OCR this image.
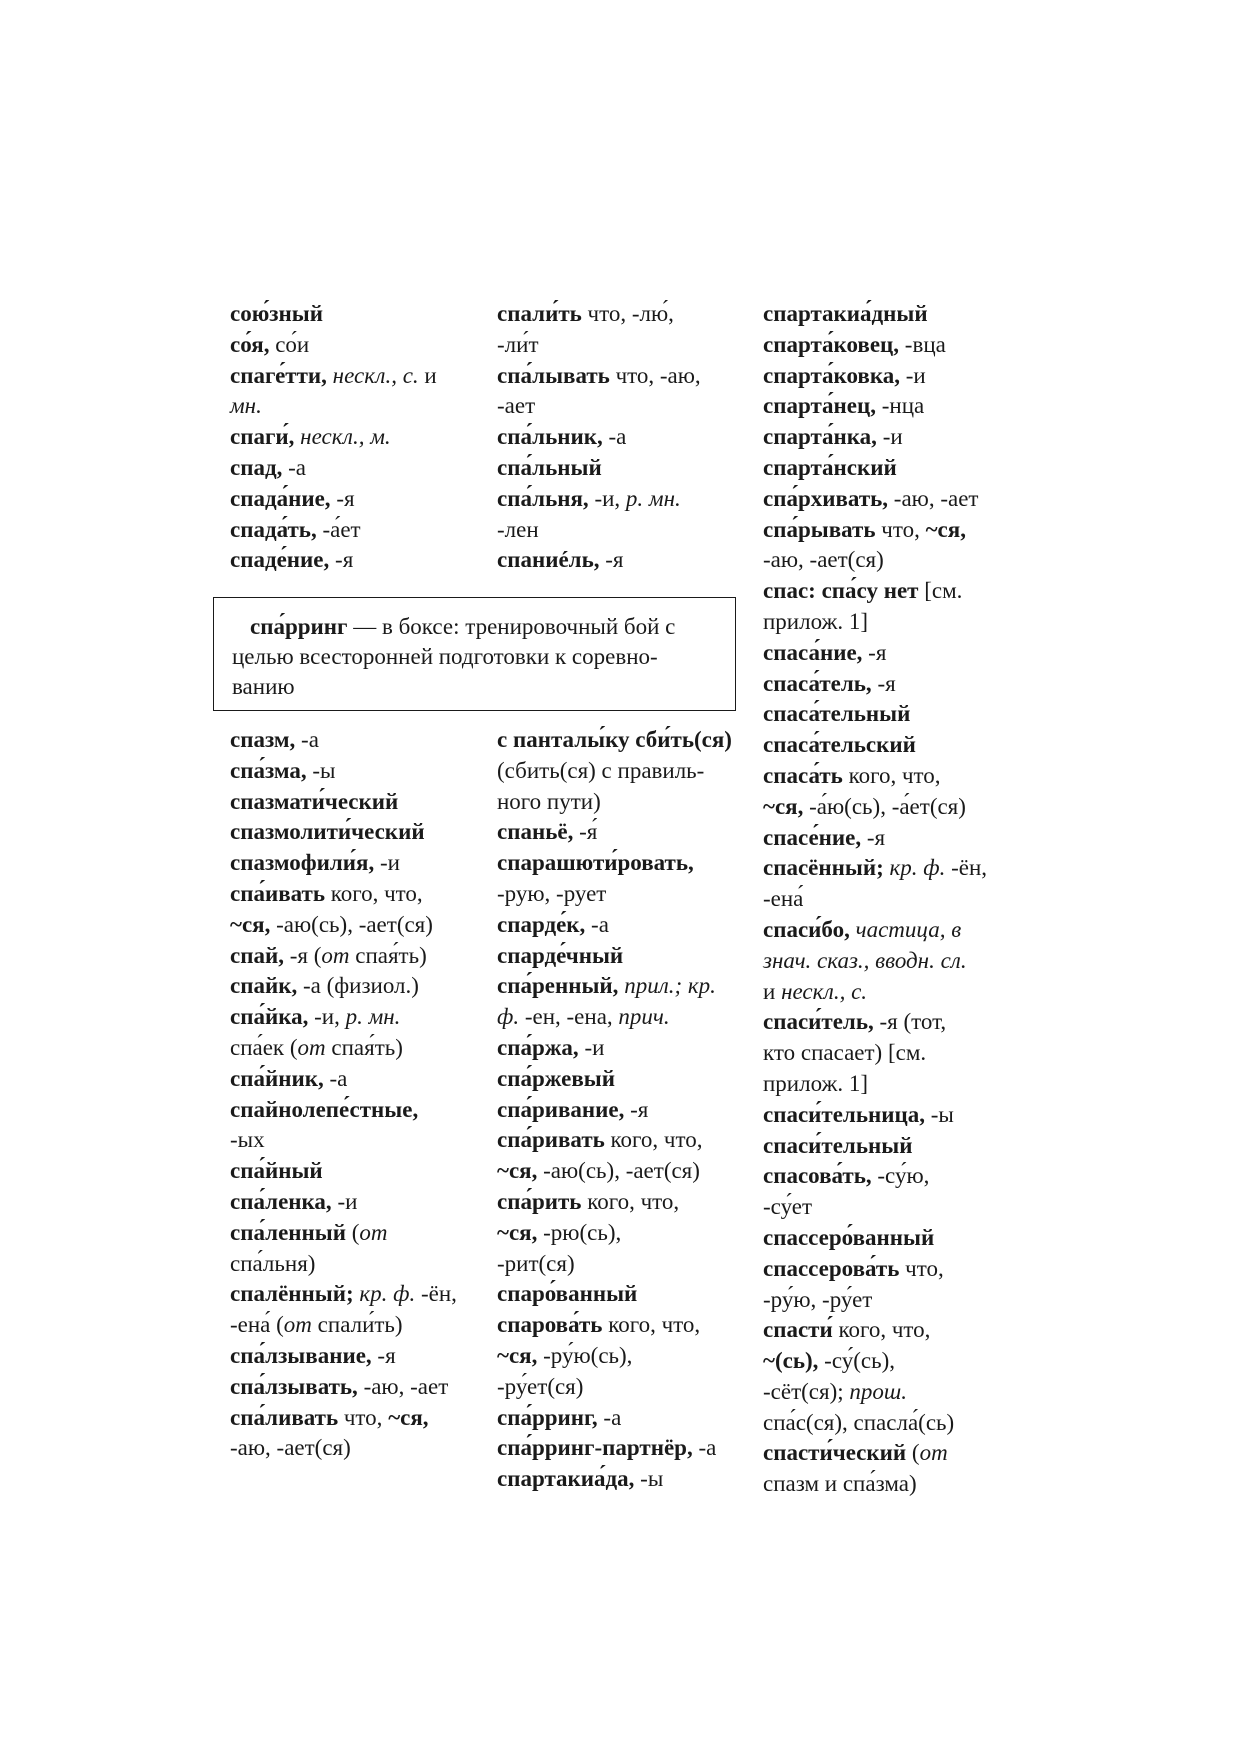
сою́зный
со́я, со́и
спаге́тти, нескл., с. и
мн.
спаги́, нескл., м.
спад, -а
спада́ние, -я
спада́ть, -а́ет
спаде́ние, -я
спали́ть что, -лю́,
-ли́т
спа́лывать что, -аю,
-ает
спа́льник, -а
спа́льный
спа́льня, -и, р. мн.
-лен
спаниéль, -я
спа́рринг — в боксе: тренировочный бой с
целью всесторонней подготовки к соревно-
ванию
спазм, -а
спа́зма, -ы
спазмати́ческий
спазмолити́ческий
спазмофили́я, -и
спа́ивать кого, что,
~ся, -аю(сь), -ает(ся)
спай, -я (от спая́ть)
спайк, -а (физиол.)
спа́йка, -и, р. мн.
спа́ек (от спая́ть)
спа́йник, -а
спайнолепе́стные,
-ых
спа́йный
спа́ленка, -и
спа́ленный (от
спа́льня)
спалённый; кр. ф. -ён,
-ена́ (от спали́ть)
спа́лзывание, -я
спа́лзывать, -аю, -ает
спа́ливать что, ~ся,
-аю, -ает(ся)
с панталы́ку сби́ть(ся)
(сбить(ся) с правиль-
ного пути)
спаньё, -я́
спарашюти́ровать,
-рую, -рует
спарде́к, -а
спарде́чный
спа́ренный, прил.; кр.
ф. -ен, -ена, прич.
спа́ржа, -и
спа́ржевый
спа́ривание, -я
спа́ривать кого, что,
~ся, -аю(сь), -ает(ся)
спа́рить кого, что,
~ся, -рю(сь),
-рит(ся)
спаро́ванный
спарова́ть кого, что,
~ся, -ру́ю(сь),
-ру́ет(ся)
спа́рринг, -а
спа́рринг-партнёр, -а
спартакиа́да, -ы
спартакиа́дный
спарта́ковец, -вца
спарта́ковка, -и
спарта́нец, -нца
спарта́нка, -и
спарта́нский
спа́рхивать, -аю, -ает
спа́рывать что, ~ся,
-аю, -ает(ся)
спас: спа́су нет [см.
прилож. 1]
спаса́ние, -я
спаса́тель, -я
спаса́тельный
спаса́тельский
спаса́ть кого, что,
~ся, -а́ю(сь), -а́ет(ся)
спасе́ние, -я
спасённый; кр. ф. -ён,
-ена́
спаси́бо, частица, в
знач. сказ., вводн. сл.
и нескл., с.
спаси́тель, -я (тот,
кто спасает) [см.
прилож. 1]
спаси́тельница, -ы
спаси́тельный
спасова́ть, -су́ю,
-су́ет
спассеро́ванный
спассерова́ть что,
-ру́ю, -ру́ет
спасти́ кого, что,
~(сь), -су́(сь),
-сёт(ся); прош.
спа́с(ся), спасла́(сь)
спасти́ческий (от
спазм и спа́зма)
